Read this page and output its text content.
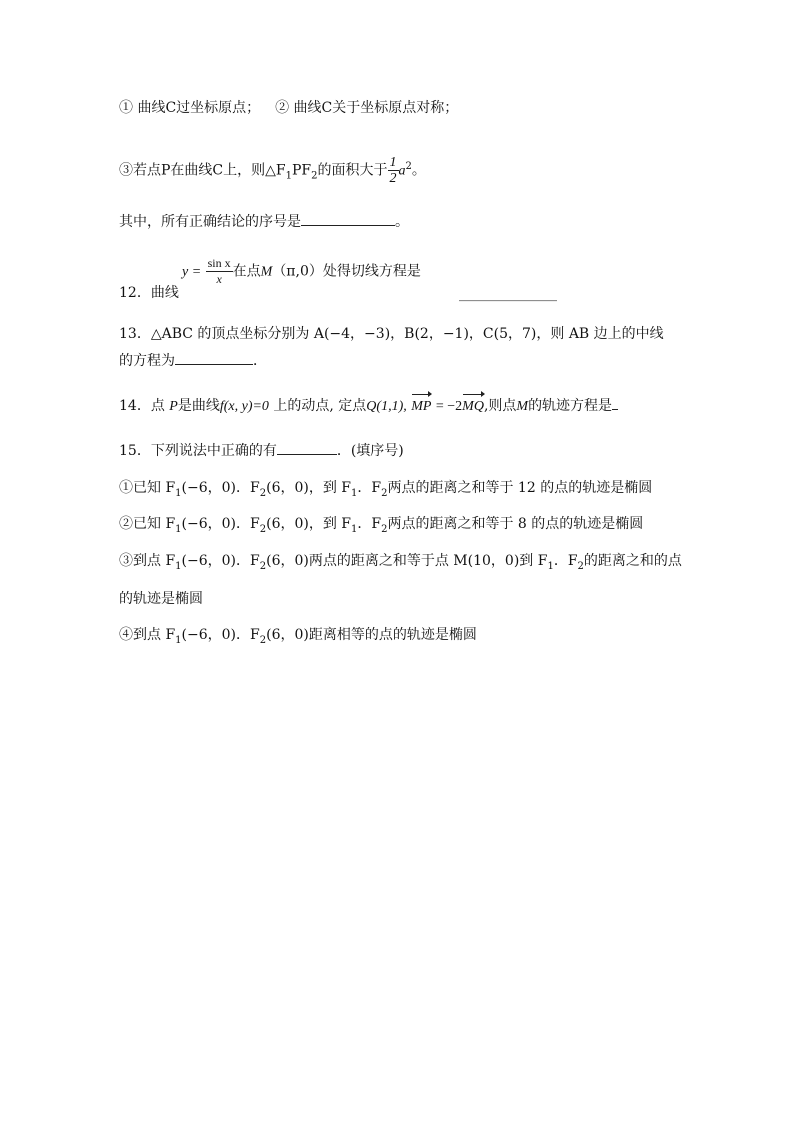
① 曲线C过坐标原点； ② 曲线C关于坐标原点对称；
③若点P在曲线C上，则$\triangle F_1PF_2$的面积大于 $\frac{1}{2} a^2$。
其中，所有正确结论的序号是	。
$y = \frac{\text{sin x}}{x}$ 在点M（π,0）处得切线方程是
12．曲线	______________
13．△ABC 的顶点坐标分别为 A(−4，−3)，B(2，−1)，C(5，7)，则 AB 边上的中线
的方程为	．
14．点 P是曲线f(x, y)=0 上的动点, 定点Q(1,1), MP = −2MQ,则点M的轨迹方程是
15．下列说法中正确的有	．(填序号)
①已知 $F_1(-6$，0)．$F_2(6$，0)，到 $F_1$．$F_2$两点的距离之和等于 12 的点的轨迹是椭圆
②已知 $F_1(-6$，0)．$F_2(6$，0)，到 $F_1$．$F_2$两点的距离之和等于 8 的点的轨迹是椭圆
③到点 $F_1(-6$，0)．$F_2(6$，0)两点的距离之和等于点 M(10，0)到 $F_1$．$F_2$的距离之和的点
的轨迹是椭圆
④到点 $F_1(-6$，0)．$F_2(6$，0)距离相等的点的轨迹是椭圆
